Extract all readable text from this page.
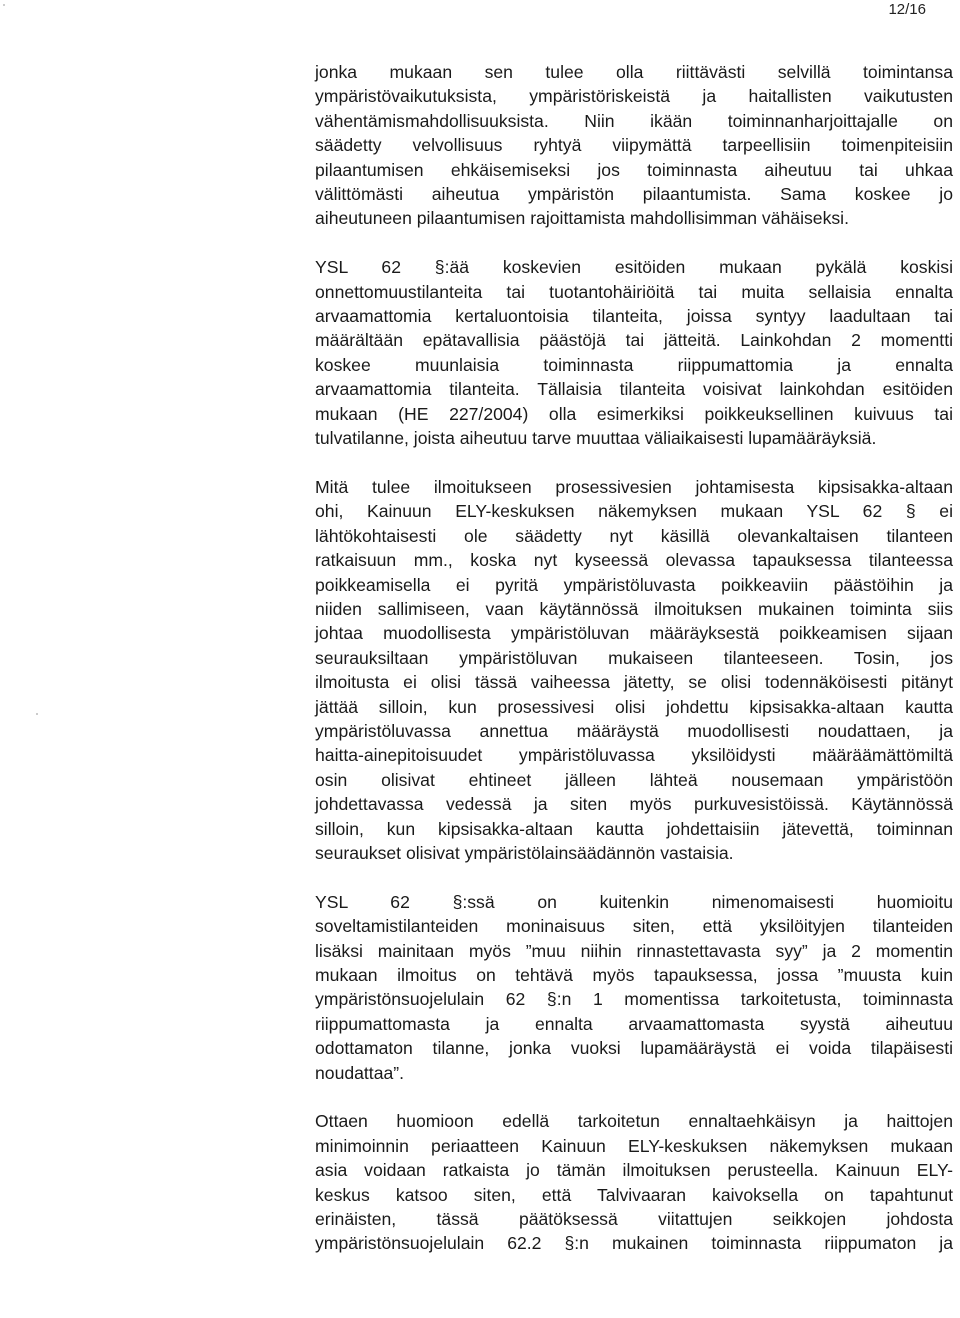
12/16
jonka mukaan sen tulee olla riittävästi selvillä toimintansa
ympäristövaikutuksista, ympäristöriskeistä ja haitallisten vaikutusten
vähentämismahdollisuuksista. Niin ikään toiminnanharjoittajalle on
säädetty velvollisuus ryhtyä viipymättä tarpeellisiin toimenpiteisiin
pilaantumisen ehkäisemiseksi jos toiminnasta aiheutuu tai uhkaa
välittömästi aiheutua ympäristön pilaantumista. Sama koskee jo
aiheutuneen pilaantumisen rajoittamista mahdollisimman vähäiseksi.
YSL 62 §:ää koskevien esitöiden mukaan pykälä koskisi
onnettomuustilanteita tai tuotantohäiriöitä tai muita sellaisia ennalta
arvaamattomia kertaluontoisia tilanteita, joissa syntyy laadultaan tai
määrältään epätavallisia päästöjä tai jätteitä. Lainkohdan 2 momentti
koskee muunlaisia toiminnasta riippumattomia ja ennalta
arvaamattomia tilanteita. Tällaisia tilanteita voisivat lainkohdan esitöiden
mukaan (HE 227/2004) olla esimerkiksi poikkeuksellinen kuivuus tai
tulvatilanne, joista aiheutuu tarve muuttaa väliaikaisesti lupamääräyksiä.
Mitä tulee ilmoitukseen prosessivesien johtamisesta kipsisakka-altaan
ohi, Kainuun ELY-keskuksen näkemyksen mukaan YSL 62 § ei
lähtökohtaisesti ole säädetty nyt käsillä olevankaltaisen tilanteen
ratkaisuun mm., koska nyt kyseessä olevassa tapauksessa tilanteessa
poikkeamisella ei pyritä ympäristöluvasta poikkeaviin päästöihin ja
niiden sallimiseen, vaan käytännössä ilmoituksen mukainen toiminta siis
johtaa muodollisesta ympäristöluvan määräyksestä poikkeamisen sijaan
seurauksiltaan ympäristöluvan mukaiseen tilanteeseen. Tosin, jos
ilmoitusta ei olisi tässä vaiheessa jätetty, se olisi todennäköisesti pitänyt
jättää silloin, kun prosessivesi olisi johdettu kipsisakka-altaan kautta
ympäristöluvassa annettua määräystä muodollisesti noudattaen, ja
haitta-ainepitoisuudet ympäristöluvassa yksilöidysti määräämättömiltä
osin olisivat ehtineet jälleen lähteä nousemaan ympäristöön
johdettavassa vedessä ja siten myös purkuvesistöissä. Käytännössä
silloin, kun kipsisakka-altaan kautta johdettaisiin jätevettä, toiminnan
seuraukset olisivat ympäristölainsäädännön vastaisia.
YSL 62 §:ssä on kuitenkin nimenomaisesti huomioitu
soveltamistilanteiden moninaisuus siten, että yksilöityjen tilanteiden
lisäksi mainitaan myös ”muu niihin rinnastettavasta syy” ja 2 momentin
mukaan ilmoitus on tehtävä myös tapauksessa, jossa ”muusta kuin
ympäristönsuojelulain 62 §:n 1 momentissa tarkoitetusta, toiminnasta
riippumattomasta ja ennalta arvaamattomasta syystä aiheutuu
odottamaton tilanne, jonka vuoksi lupamääräystä ei voida tilapäisesti
noudattaa”.
Ottaen huomioon edellä tarkoitetun ennaltaehkäisyn ja haittojen
minimoinnin periaatteen Kainuun ELY-keskuksen näkemyksen mukaan
asia voidaan ratkaista jo tämän ilmoituksen perusteella. Kainuun ELY-
keskus katsoo siten, että Talvivaaran kaivoksella on tapahtunut
erinäisten, tässä päätöksessä viitattujen seikkojen johdosta
ympäristönsuojelulain 62.2 §:n mukainen toiminnasta riippumaton ja
